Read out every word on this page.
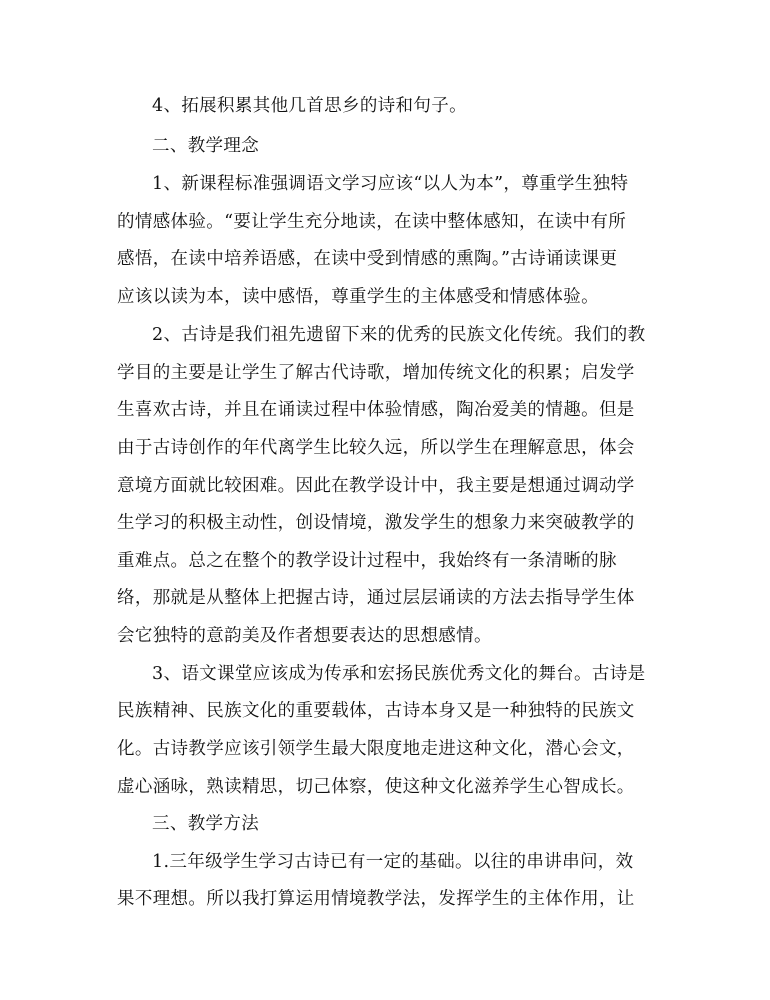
4、拓展积累其他几首思乡的诗和句子。
二、教学理念
1、新课程标准强调语文学习应该“以人为本”，尊重学生独特
的情感体验。“要让学生充分地读，在读中整体感知，在读中有所
感悟，在读中培养语感，在读中受到情感的熏陶。”古诗诵读课更
应该以读为本，读中感悟，尊重学生的主体感受和情感体验。
2、古诗是我们祖先遗留下来的优秀的民族文化传统。我们的教
学目的主要是让学生了解古代诗歌，增加传统文化的积累；启发学
生喜欢古诗，并且在诵读过程中体验情感，陶冶爱美的情趣。但是
由于古诗创作的年代离学生比较久远，所以学生在理解意思，体会
意境方面就比较困难。因此在教学设计中，我主要是想通过调动学
生学习的积极主动性，创设情境，激发学生的想象力来突破教学的
重难点。总之在整个的教学设计过程中，我始终有一条清晰的脉
络，那就是从整体上把握古诗，通过层层诵读的方法去指导学生体
会它独特的意韵美及作者想要表达的思想感情。
3、语文课堂应该成为传承和宏扬民族优秀文化的舞台。古诗是
民族精神、民族文化的重要载体，古诗本身又是一种独特的民族文
化。古诗教学应该引领学生最大限度地走进这种文化，潜心会文，
虚心涵咏，熟读精思，切己体察，使这种文化滋养学生心智成长。
三、教学方法
1.三年级学生学习古诗已有一定的基础。以往的串讲串问，效
果不理想。所以我打算运用情境教学法，发挥学生的主体作用，让
